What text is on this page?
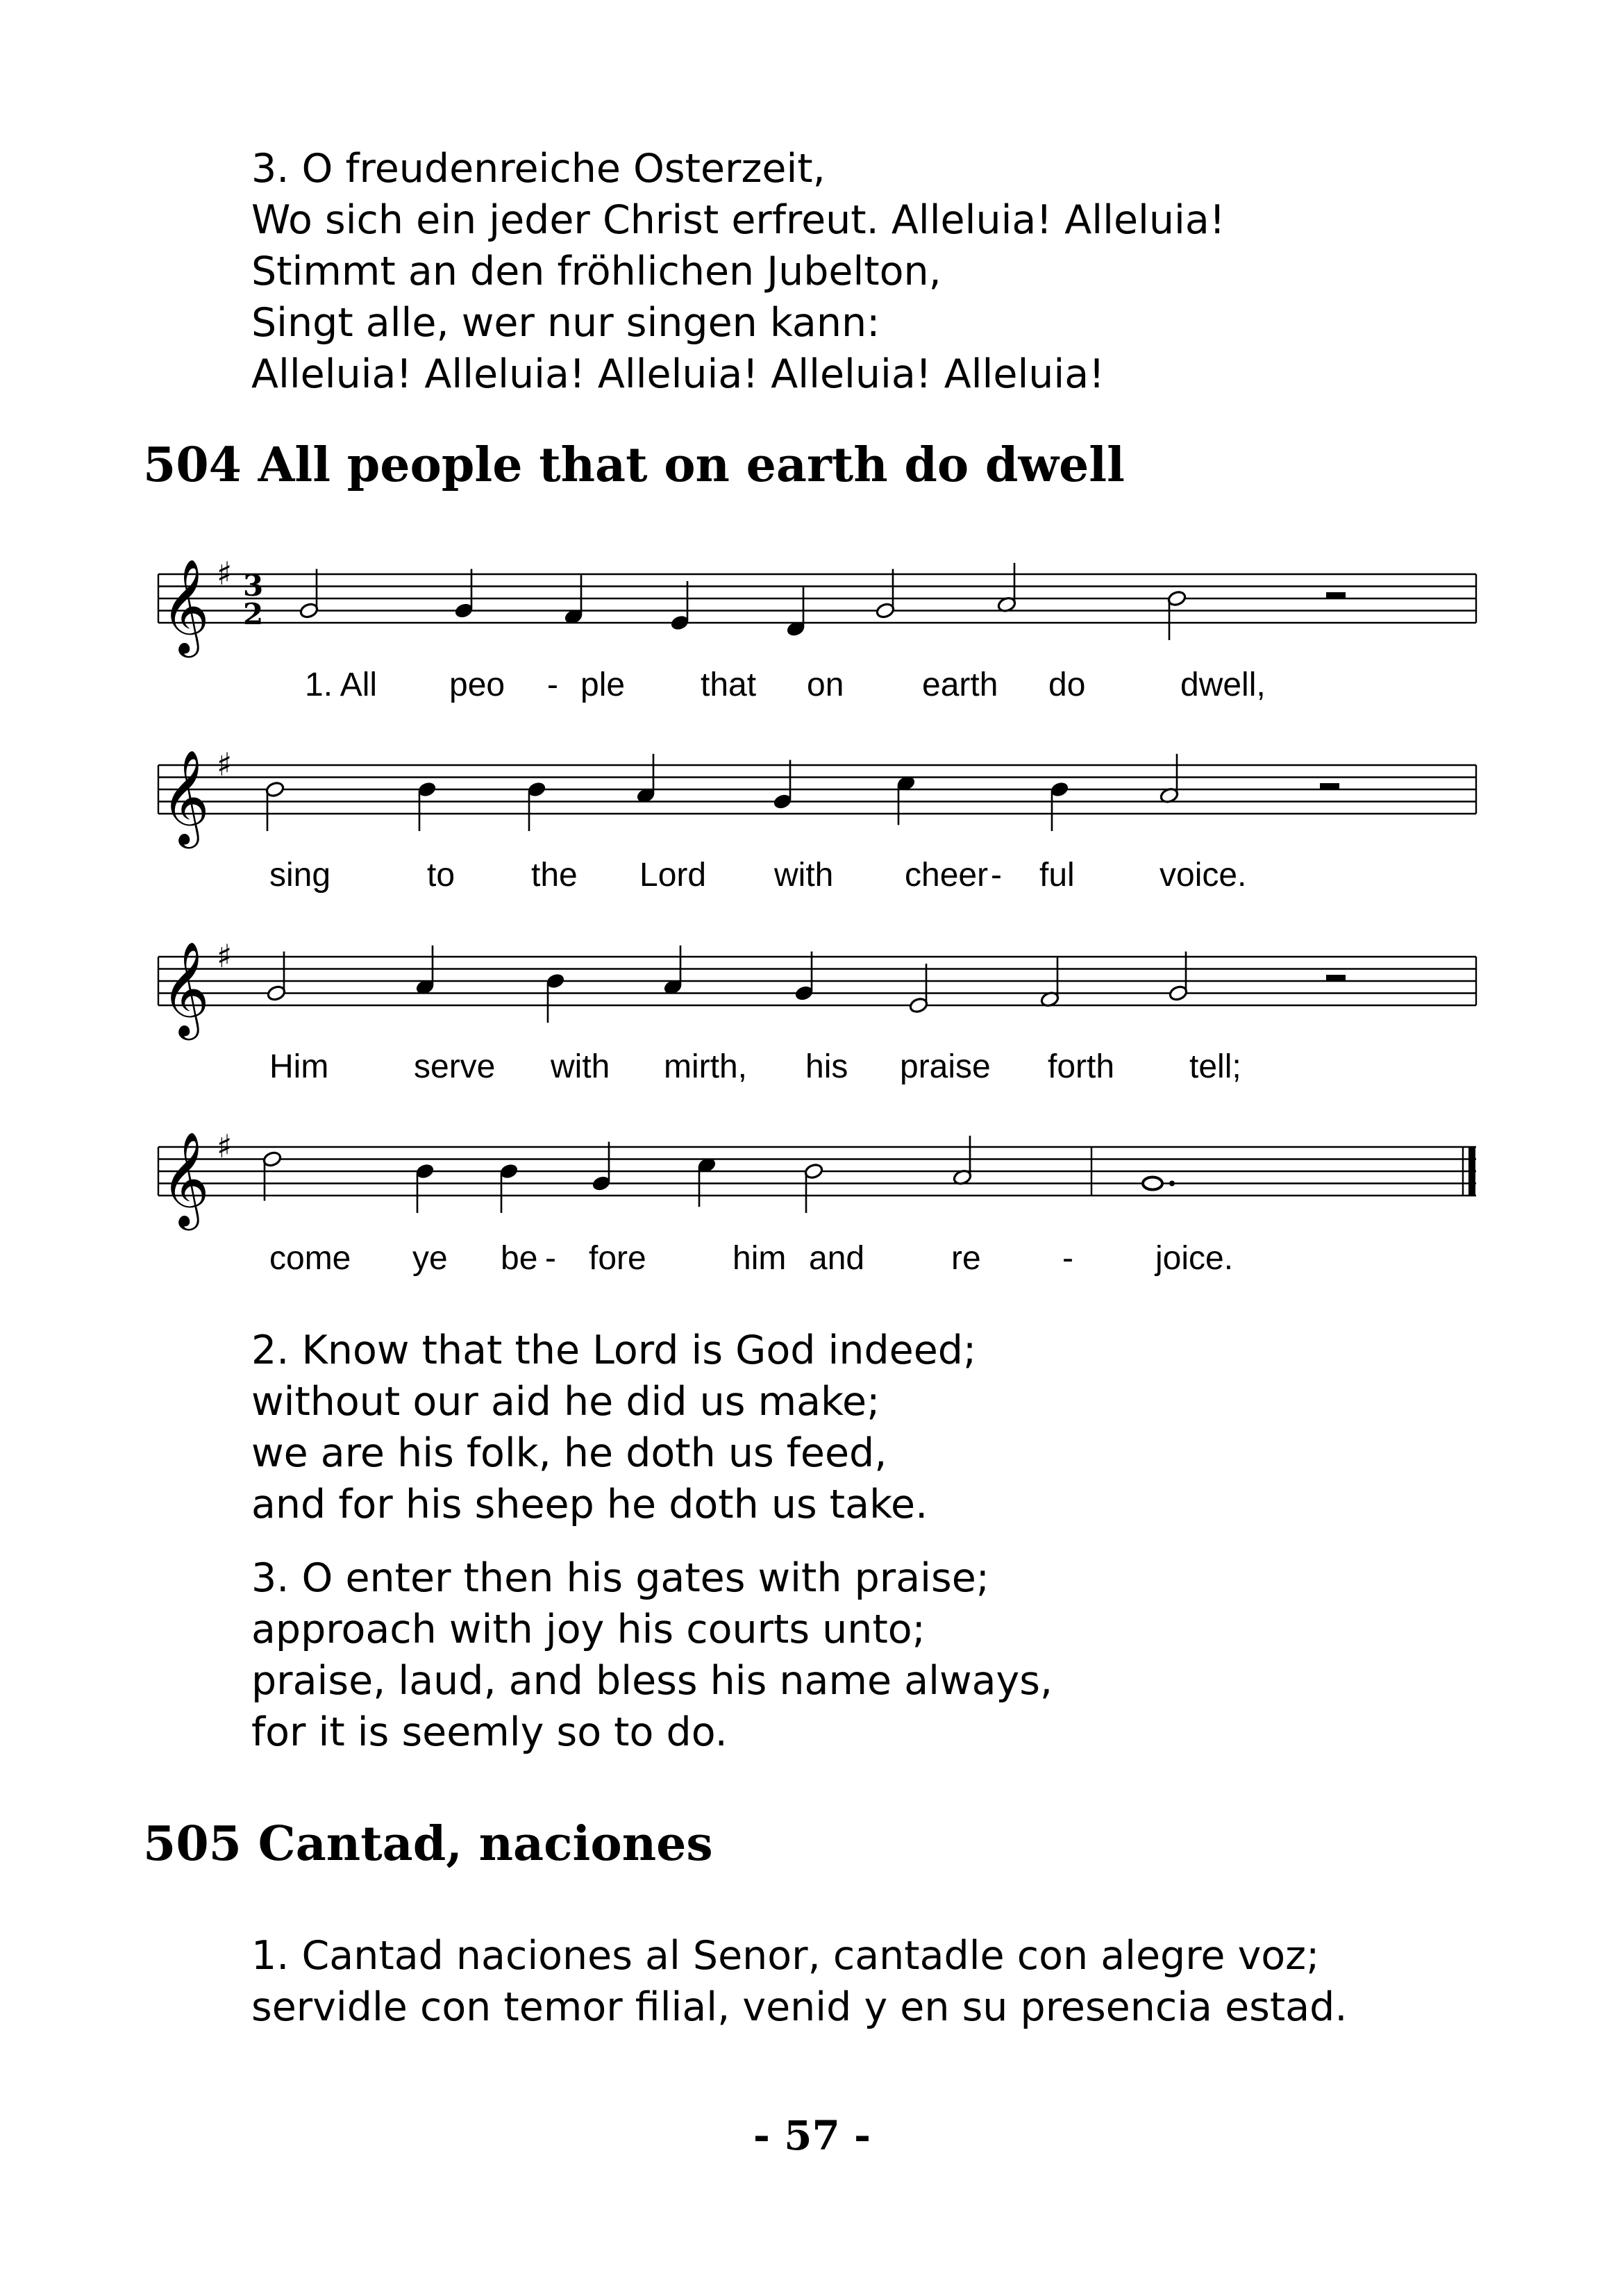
3. O freudenreiche Osterzeit,
Wo sich ein jeder Christ erfreut. Alleluia! Alleluia!
Stimmt an den fröhlichen Jubelton,
Singt alle, wer nur singen kann:
Alleluia! Alleluia! Alleluia! Alleluia! Alleluia!
504 All people that on earth do dwell
𝄞 ♯ 3
2
1. All peo - ple that on earth do	dwell,
𝄞 ♯
sing	to the Lord with cheer - ful	voice.
𝄞 ♯
Him	serve with mirth, his praise forth tell;
𝄞 ♯
come ye be - fore	him and	re - joice.
2. Know that the Lord is God indeed;
without our aid he did us make;
we are his folk, he doth us feed,
and for his sheep he doth us take.
3. O enter then his gates with praise;
approach with joy his courts unto;
praise, laud, and bless his name always,
for it is seemly so to do.
505 Cantad, naciones
1. Cantad naciones al Senor, cantadle con alegre voz;
servidle con temor filial, venid y en su presencia estad.
- 57 -
